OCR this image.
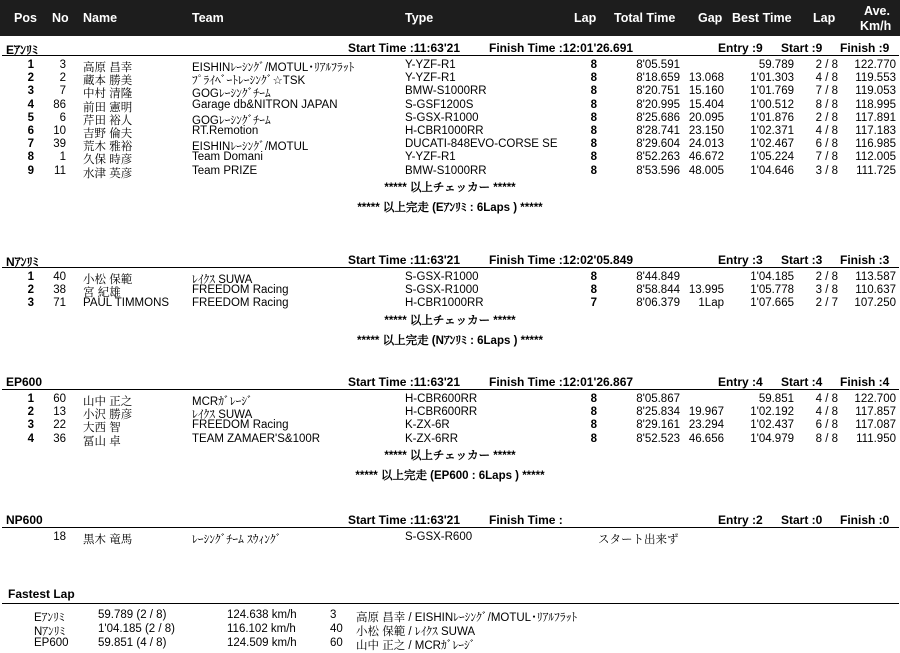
Pos No Name	Team	Type	Lap Total Time Gap Best Time Lap Ave.
Km/h
Eｱﾝﾘﾐ	Start Time :11:63'21 Finish Time :12:01'26.691	Entry :9 Start :9 Finish :9
1	3 高原 昌幸	EISHINﾚｰｼﾝｸﾞ/MOTUL･ﾘｱﾙﾌﾗｯﾄ	Y-YZF-R1	8	8'05.591	59.789	2 / 8	122.770
2	2 蔵本 勝美	ﾌﾟﾗｲﾍﾞｰﾄﾚｰｼﾝｸﾞ☆TSK	Y-YZF-R1	8	8'18.659 13.068	1'01.303	4 / 8	119.553
3	7 中村 清隆	GOGﾚｰｼﾝｸﾞﾁｰﾑ	BMW-S1000RR	8	8'20.751 15.160	1'01.769	7 / 8	119.053
4	86 前田 憲明	Garage db&NITRON JAPAN	S-GSF1200S	8	8'20.995 15.404	1'00.512	8 / 8	118.995
5	6 芹田 裕人	GOGﾚｰｼﾝｸﾞﾁｰﾑ	S-GSX-R1000	8	8'25.686 20.095	1'01.876	2 / 8	117.891
6	10 吉野 倫夫	RT.Remotion	H-CBR1000RR	8	8'28.741 23.150	1'02.371	4 / 8	117.183
7	39 荒木 雅裕	EISHINﾚｰｼﾝｸﾞ/MOTUL	DUCATI-848EVO-CORSE SE	8	8'29.604 24.013	1'02.467	6 / 8	116.985
8	1 久保 時彦	Team Domani	Y-YZF-R1	8	8'52.263 46.672	1'05.224	7 / 8	112.005
9	11 水津 英彦	Team PRIZE	BMW-S1000RR	8	8'53.596 48.005	1'04.646	3 / 8	111.725
***** 以上チェッカー *****
***** 以上完走 (Eｱﾝﾘﾐ : 6Laps ) *****
Nｱﾝﾘﾐ	Start Time :11:63'21 Finish Time :12:02'05.849	Entry :3 Start :3 Finish :3
1	40 小松 保範	ﾚｲｸｽ SUWA	S-GSX-R1000	8	8'44.849	1'04.185	2 / 8	113.587
2	38 宮 紀雄	FREEDOM Racing	S-GSX-R1000	8	8'58.844 13.995	1'05.778	3 / 8	110.637
3	71 PAUL TIMMONS	FREEDOM Racing	H-CBR1000RR	7	8'06.379	1Lap	1'07.665	2 / 7	107.250
***** 以上チェッカー *****
***** 以上完走 (Nｱﾝﾘﾐ : 6Laps ) *****
EP600	Start Time :11:63'21 Finish Time :12:01'26.867	Entry :4 Start :4 Finish :4
1	60 山中 正之	MCRｶﾞﾚｰｼﾞ	H-CBR600RR	8	8'05.867	59.851	4 / 8	122.700
2	13 小沢 勝彦	ﾚｲｸｽ SUWA	H-CBR600RR	8	8'25.834 19.967	1'02.192	4 / 8	117.857
3	22 大西 智	FREEDOM Racing	K-ZX-6R	8	8'29.161 23.294	1'02.437	6 / 8	117.087
4	36 冨山 卓	TEAM ZAMAER'S&100R	K-ZX-6RR	8	8'52.523 46.656	1'04.979	8 / 8	111.950
***** 以上チェッカー *****
***** 以上完走 (EP600 : 6Laps ) *****
NP600	Start Time :11:63'21 Finish Time :	Entry :2 Start :0 Finish :0
18 黒木 竜馬	ﾚｰｼﾝｸﾞﾁｰﾑ ｽｳｨﾝｸﾞ	S-GSX-R600	スタート出来ず
Fastest Lap
Eｱﾝﾘﾐ	59.789 (2 / 8)	124.638 km/h	3 高原 昌幸 / EISHINﾚｰｼﾝｸﾞ/MOTUL･ﾘｱﾙﾌﾗｯﾄ
Nｱﾝﾘﾐ	1'04.185 (2 / 8)	116.102 km/h	40 小松 保範 / ﾚｲｸｽ SUWA
EP600	59.851 (4 / 8)	124.509 km/h	60 山中 正之 / MCRｶﾞﾚｰｼﾞ
